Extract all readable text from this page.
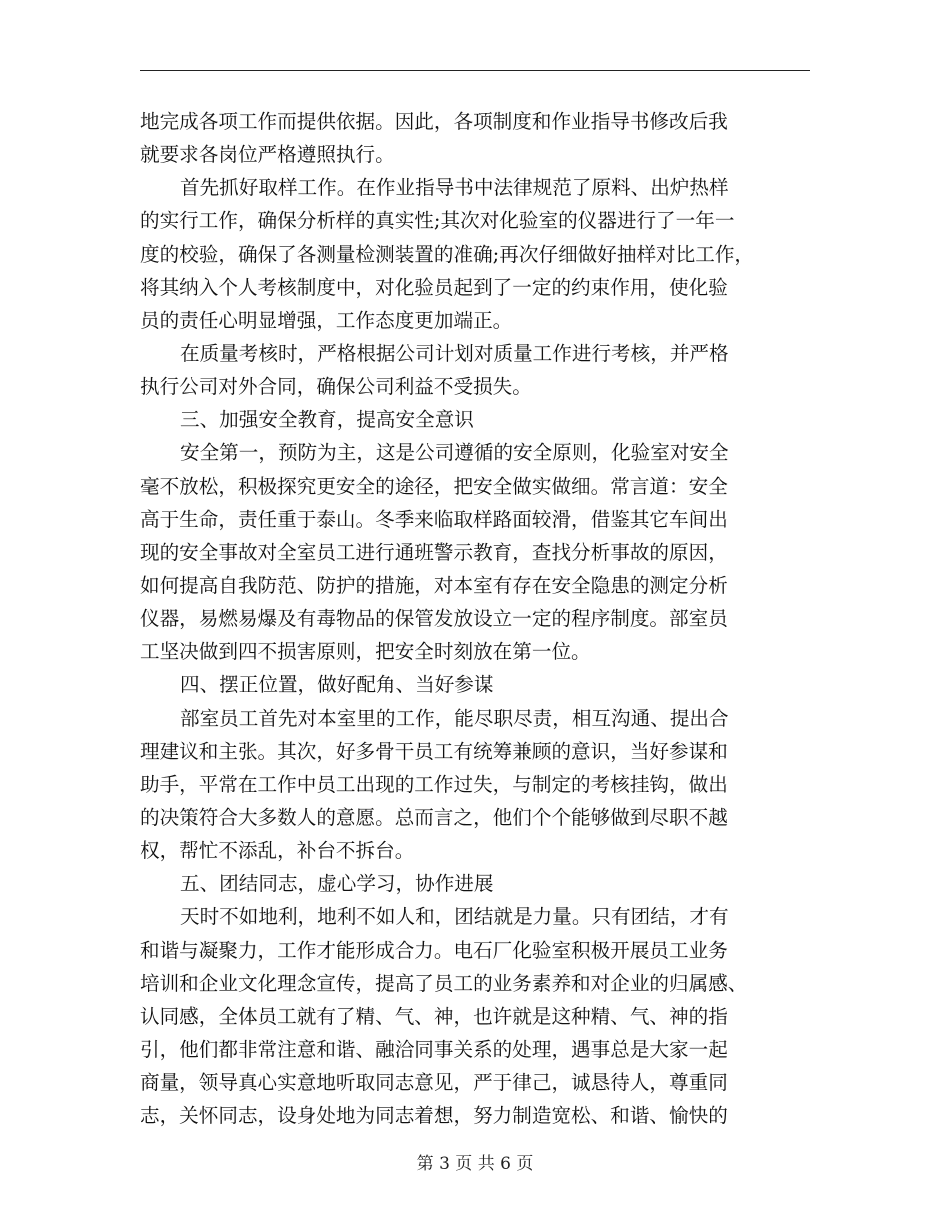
地完成各项工作而提供依据。因此，各项制度和作业指导书修改后我
就要求各岗位严格遵照执行。
首先抓好取样工作。在作业指导书中法律规范了原料、出炉热样
的实行工作，确保分析样的真实性;其次对化验室的仪器进行了一年一
度的校验，确保了各测量检测装置的准确;再次仔细做好抽样对比工作，
将其纳入个人考核制度中，对化验员起到了一定的约束作用，使化验
员的责任心明显增强，工作态度更加端正。
在质量考核时，严格根据公司计划对质量工作进行考核，并严格
执行公司对外合同，确保公司利益不受损失。
三、加强安全教育，提高安全意识
安全第一，预防为主，这是公司遵循的安全原则，化验室对安全
毫不放松，积极探究更安全的途径，把安全做实做细。常言道：安全
高于生命，责任重于泰山。冬季来临取样路面较滑，借鉴其它车间出
现的安全事故对全室员工进行通班警示教育，查找分析事故的原因，
如何提高自我防范、防护的措施，对本室有存在安全隐患的测定分析
仪器，易燃易爆及有毒物品的保管发放设立一定的程序制度。部室员
工坚决做到四不损害原则，把安全时刻放在第一位。
四、摆正位置，做好配角、当好参谋
部室员工首先对本室里的工作，能尽职尽责，相互沟通、提出合
理建议和主张。其次，好多骨干员工有统筹兼顾的意识，当好参谋和
助手，平常在工作中员工出现的工作过失，与制定的考核挂钩，做出
的决策符合大多数人的意愿。总而言之，他们个个能够做到尽职不越
权，帮忙不添乱，补台不拆台。
五、团结同志，虚心学习，协作进展
天时不如地利，地利不如人和，团结就是力量。只有团结，才有
和谐与凝聚力，工作才能形成合力。电石厂化验室积极开展员工业务
培训和企业文化理念宣传，提高了员工的业务素养和对企业的归属感、
认同感，全体员工就有了精、气、神，也许就是这种精、气、神的指
引，他们都非常注意和谐、融洽同事关系的处理，遇事总是大家一起
商量，领导真心实意地听取同志意见，严于律己，诚恳待人，尊重同
志，关怀同志，设身处地为同志着想，努力制造宽松、和谐、愉快的
第 3 页 共 6 页
